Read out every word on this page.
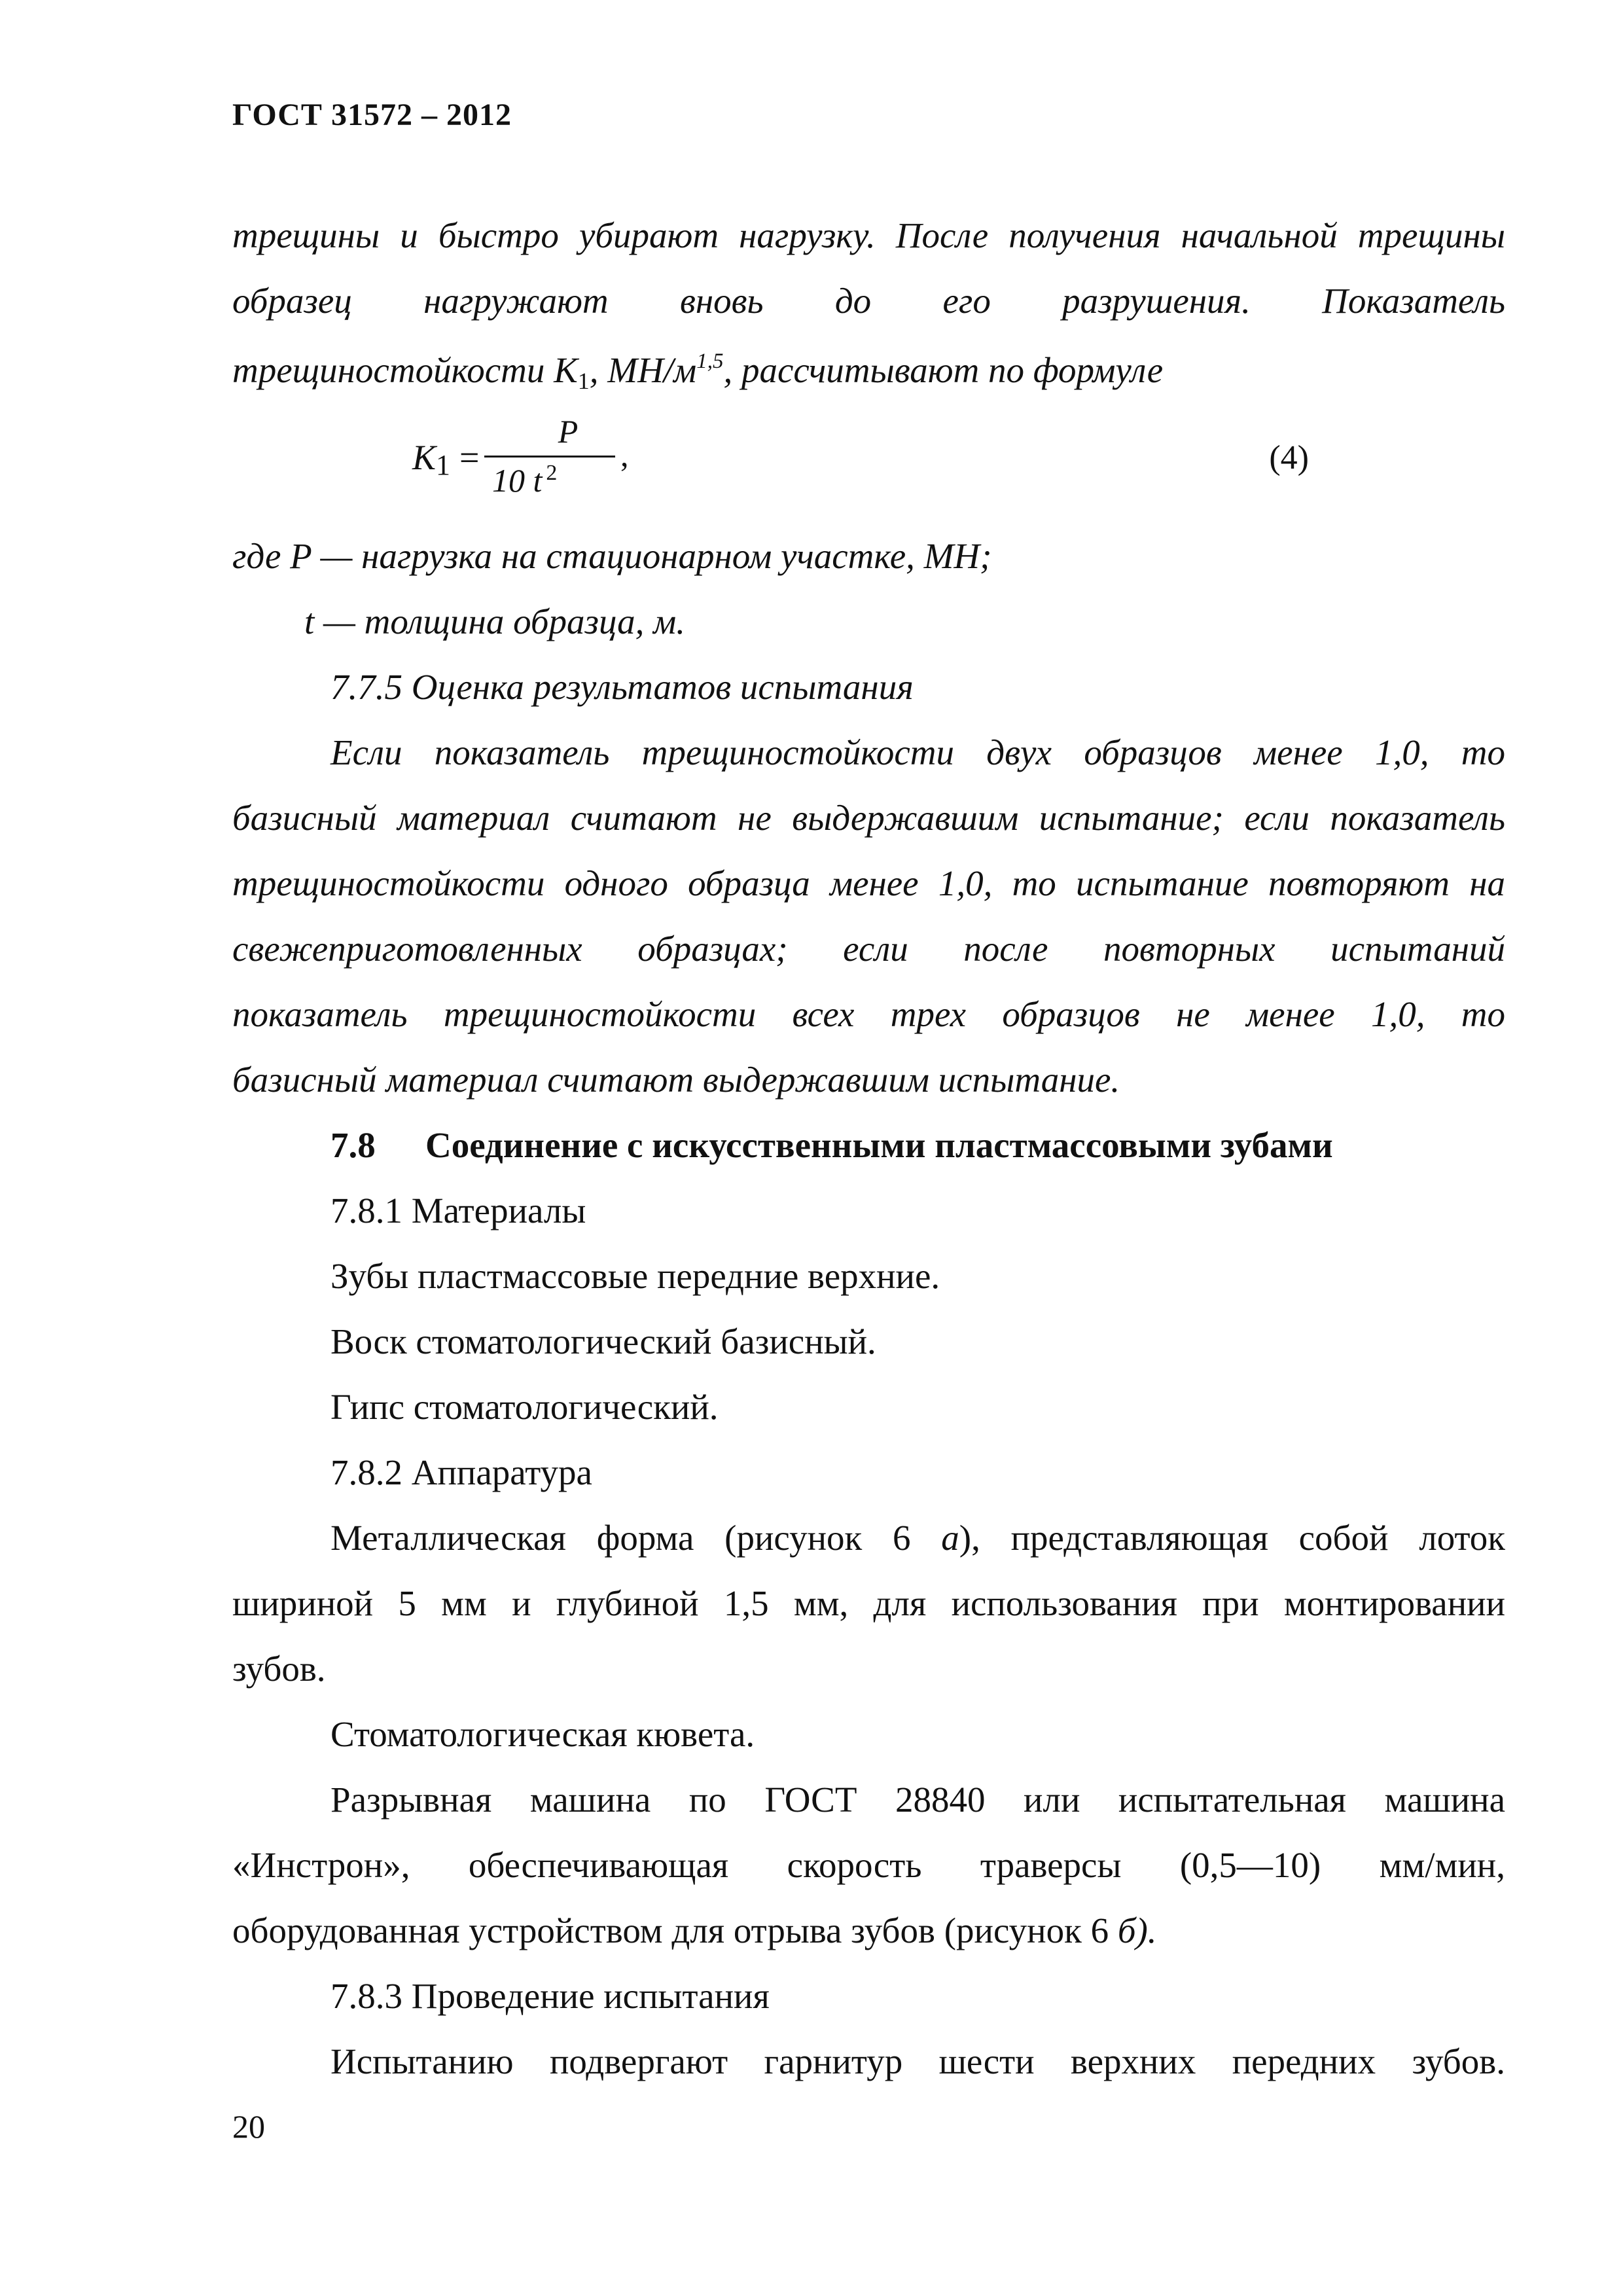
ГОСТ 31572 – 2012
трещины и быстро убирают нагрузку. После получения начальной трещины
образец нагружают вновь до его разрушения. Показатель
трещиностойкости $K_1$, $МН/м^{1,5}$, рассчитывают по формуле
$K_1$ =
P
10 t $^2$ ,	(4)
где P — нагрузка на стационарном участке, МН;
t — толщина образца, м.
7.7.5 Оценка результатов испытания
Если показатель трещиностойкости двух образцов менее 1,0, то
базисный материал считают не выдержавшим испытание; если показатель
трещиностойкости одного образца менее 1,0, то испытание повторяют на
свежеприготовленных образцах; если после повторных испытаний
показатель трещиностойкости всех трех образцов не менее 1,0, то
базисный материал считают выдержавшим испытание.
7.8 Соединение с искусственными пластмассовыми зубами
7.8.1 Материалы
Зубы пластмассовые передние верхние.
Воск стоматологический базисный.
Гипс стоматологический.
7.8.2 Аппаратура
Металлическая форма (рисунок 6 а), представляющая собой лоток
шириной 5 мм и глубиной 1,5 мм, для использования при монтировании
зубов.
Стоматологическая кювета.
Разрывная машина по ГОСТ 28840 или испытательная машина
«Инстрон», обеспечивающая скорость траверсы (0,5—10) мм/мин,
оборудованная устройством для отрыва зубов (рисунок 6 б).
7.8.3 Проведение испытания
Испытанию подвергают гарнитур шести верхних передних зубов.
20
